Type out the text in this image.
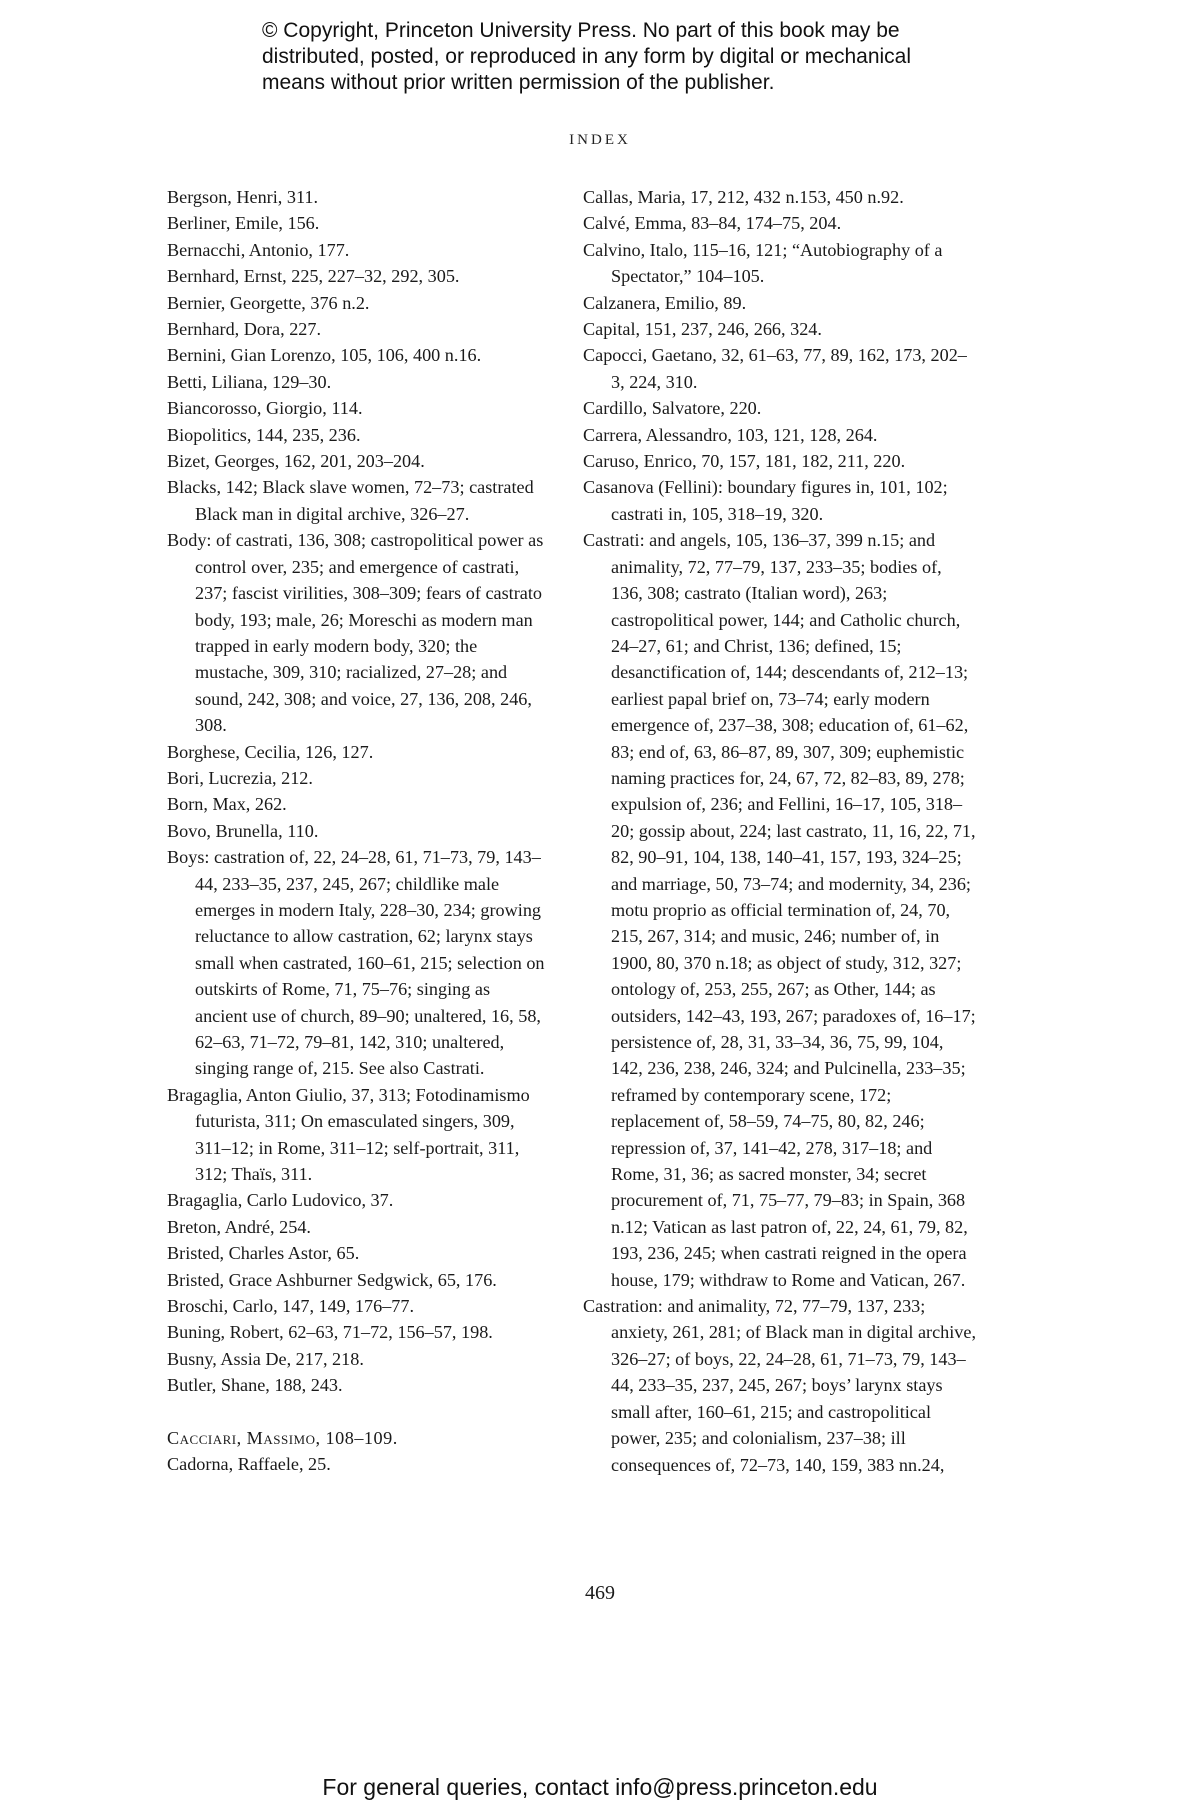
© Copyright, Princeton University Press. No part of this book may be
distributed, posted, or reproduced in any form by digital or mechanical
means without prior written permission of the publisher.
INDEX

Bergson, Henri, 311.

Berliner, Emile, 156.

Bernacchi, Antonio, 177.

Bernhard, Ernst, 225, 227–32, 292, 305.

Bernier, Georgette, 376 n.2.

Bernhard, Dora, 227.

Bernini, Gian Lorenzo, 105, 106, 400 n.16.

Betti, Liliana, 129–30.

Biancorosso, Giorgio, 114.

Biopolitics, 144, 235, 236.

Bizet, Georges, 162, 201, 203–204.

Blacks, 142; Black slave women, 72–73; castrated Black man in digital archive, 326–27.

Body: of castrati, 136, 308; castropolitical power as control over, 235; and emergence of castrati, 237; fascist virilities, 308–309; fears of castrato body, 193; male, 26; Moreschi as modern man trapped in early modern body, 320; the mustache, 309, 310; racialized, 27–28; and sound, 242, 308; and voice, 27, 136, 208, 246, 308.

Borghese, Cecilia, 126, 127.

Bori, Lucrezia, 212.

Born, Max, 262.

Bovo, Brunella, 110.

Boys: castration of, 22, 24–28, 61, 71–73, 79, 143–44, 233–35, 237, 245, 267; childlike male emerges in modern Italy, 228–30, 234; growing reluctance to allow castration, 62; larynx stays small when castrated, 160–61, 215; selection on outskirts of Rome, 71, 75–76; singing as ancient use of church, 89–90; unaltered, 16, 58, 62–63, 71–72, 79–81, 142, 310; unaltered, singing range of, 215. See also Castrati.

Bragaglia, Anton Giulio, 37, 313; Fotodinamismo futurista, 311; On emasculated singers, 309, 311–12; in Rome, 311–12; self-portrait, 311, 312; Thaïs, 311.

Bragaglia, Carlo Ludovico, 37.

Breton, André, 254.

Bristed, Charles Astor, 65.

Bristed, Grace Ashburner Sedgwick, 65, 176.

Broschi, Carlo, 147, 149, 176–77.

Buning, Robert, 62–63, 71–72, 156–57, 198.

Busny, Assia De, 217, 218.

Butler, Shane, 188, 243.

Cacciari, Massimo, 108–109.

Cadorna, Raffaele, 25.

Callas, Maria, 17, 212, 432 n.153, 450 n.92.

Calvé, Emma, 83–84, 174–75, 204.

Calvino, Italo, 115–16, 121; “Autobiography of a Spectator,” 104–105.

Calzanera, Emilio, 89.

Capital, 151, 237, 246, 266, 324.

Capocci, Gaetano, 32, 61–63, 77, 89, 162, 173, 202–3, 224, 310.

Cardillo, Salvatore, 220.

Carrera, Alessandro, 103, 121, 128, 264.

Caruso, Enrico, 70, 157, 181, 182, 211, 220.

Casanova (Fellini): boundary figures in, 101, 102; castrati in, 105, 318–19, 320.

Castrati: and angels, 105, 136–37, 399 n.15; and animality, 72, 77–79, 137, 233–35; bodies of, 136, 308; castrato (Italian word), 263; castropolitical power, 144; and Catholic church, 24–27, 61; and Christ, 136; defined, 15; desanctification of, 144; descendants of, 212–13; earliest papal brief on, 73–74; early modern emergence of, 237–38, 308; education of, 61–62, 83; end of, 63, 86–87, 89, 307, 309; euphemistic naming practices for, 24, 67, 72, 82–83, 89, 278; expulsion of, 236; and Fellini, 16–17, 105, 318–20; gossip about, 224; last castrato, 11, 16, 22, 71, 82, 90–91, 104, 138, 140–41, 157, 193, 324–25; and marriage, 50, 73–74; and modernity, 34, 236; motu proprio as official termination of, 24, 70, 215, 267, 314; and music, 246; number of, in 1900, 80, 370 n.18; as object of study, 312, 327; ontology of, 253, 255, 267; as Other, 144; as outsiders, 142–43, 193, 267; paradoxes of, 16–17; persistence of, 28, 31, 33–34, 36, 75, 99, 104, 142, 236, 238, 246, 324; and Pulcinella, 233–35; reframed by contemporary scene, 172; replacement of, 58–59, 74–75, 80, 82, 246; repression of, 37, 141–42, 278, 317–18; and Rome, 31, 36; as sacred monster, 34; secret procurement of, 71, 75–77, 79–83; in Spain, 368 n.12; Vatican as last patron of, 22, 24, 61, 79, 82, 193, 236, 245; when castrati reigned in the opera house, 179; withdraw to Rome and Vatican, 267.

Castration: and animality, 72, 77–79, 137, 233; anxiety, 261, 281; of Black man in digital archive, 326–27; of boys, 22, 24–28, 61, 71–73, 79, 143–44, 233–35, 237, 245, 267; boys’ larynx stays small after, 160–61, 215; and castropolitical power, 235; and colonialism, 237–38; ill consequences of, 72–73, 140, 159, 383 nn.24,

469
For general queries, contact info@press.princeton.edu
